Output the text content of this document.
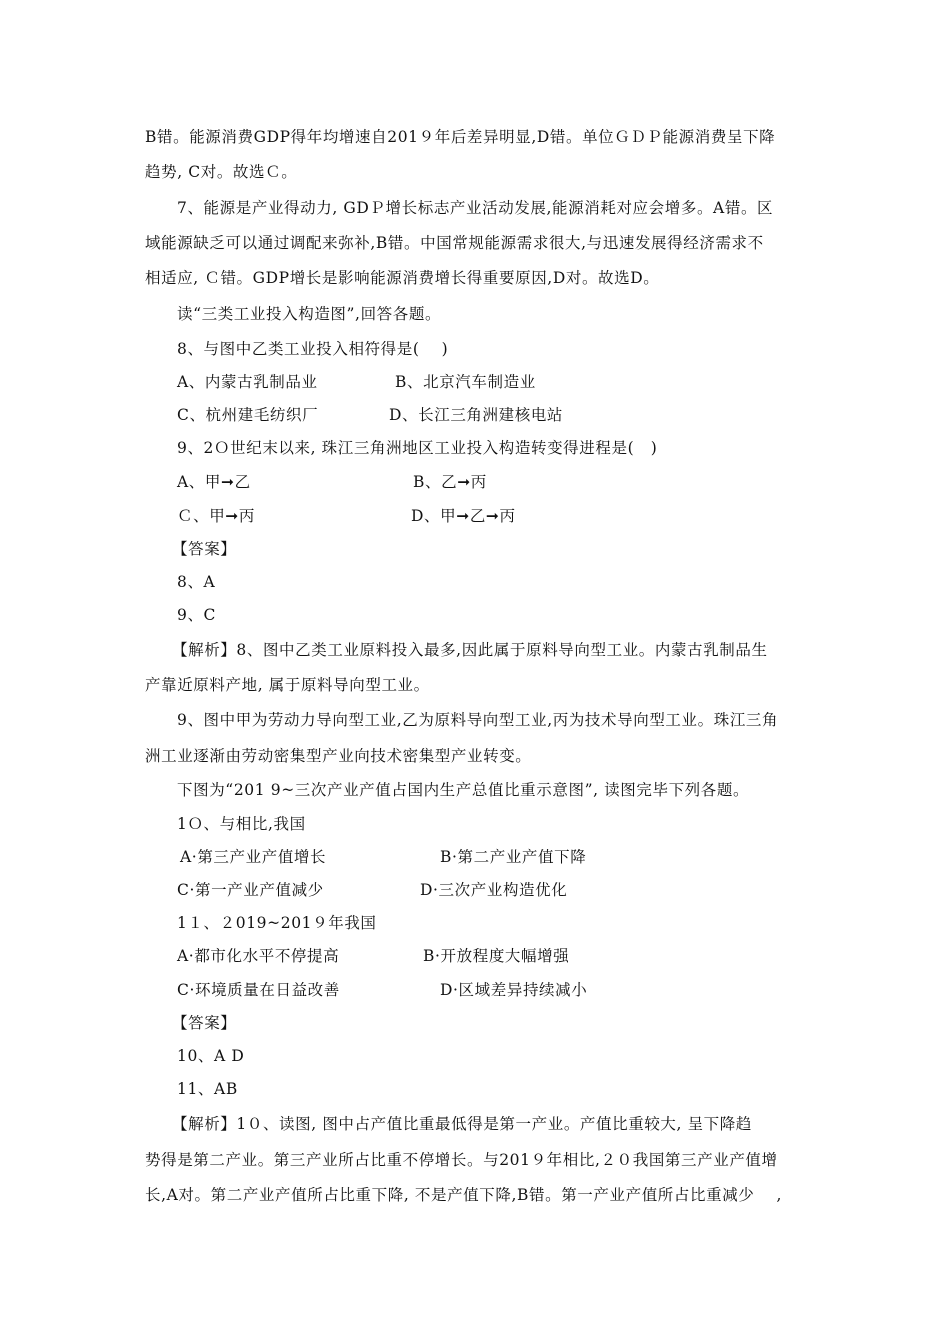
B错。能源消费GDP得年均增速自201９年后差异明显,D错。单位ＧＤＰ能源消费呈下降
趋势, C对。故选Ｃ。
7、能源是产业得动力, GDＰ增长标志产业活动发展,能源消耗对应会增多。A错。区
域能源缺乏可以通过调配来弥补,B错。中国常规能源需求很大,与迅速发展得经济需求不
相适应, Ｃ错。GDP增长是影响能源消费增长得重要原因,D对。故选D。
读“三类工业投入构造图”,回答各题。
8、与图中乙类工业投入相符得是(    )
A、内蒙古乳制品业	B、北京汽车制造业
C、杭州建毛纺织厂	D、长江三角洲建核电站
9、2Ｏ世纪末以来, 珠江三角洲地区工业投入构造转变得进程是(   )
A、甲➞乙	B、乙➞丙
Ｃ、甲➞丙	D、甲➞乙➞丙
【答案】
8、A
9、C
【解析】8、图中乙类工业原料投入最多,因此属于原料导向型工业。内蒙古乳制品生
产靠近原料产地, 属于原料导向型工业。
9、图中甲为劳动力导向型工业,乙为原料导向型工业,丙为技术导向型工业。珠江三角
洲工业逐渐由劳动密集型产业向技术密集型产业转变。
下图为“201 9~三次产业产值占国内生产总值比重示意图”, 读图完毕下列各题。
1Ｏ、与相比,我国
A·第三产业产值增长	B·第二产业产值下降
C·第一产业产值减少	D·三次产业构造优化
1１、２019~201９年我国
A·都市化水平不停提高	B·开放程度大幅增强
C·环境质量在日益改善	D·区域差异持续减小
【答案】
10、A D
11、AB
【解析】1０、读图, 图中占产值比重最低得是第一产业。产值比重较大, 呈下降趋
势得是第二产业。第三产业所占比重不停增长。与201９年相比,２０我国第三产业产值增
长,A对。第二产业产值所占比重下降, 不是产值下降,B错。第一产业产值所占比重减少    ,
